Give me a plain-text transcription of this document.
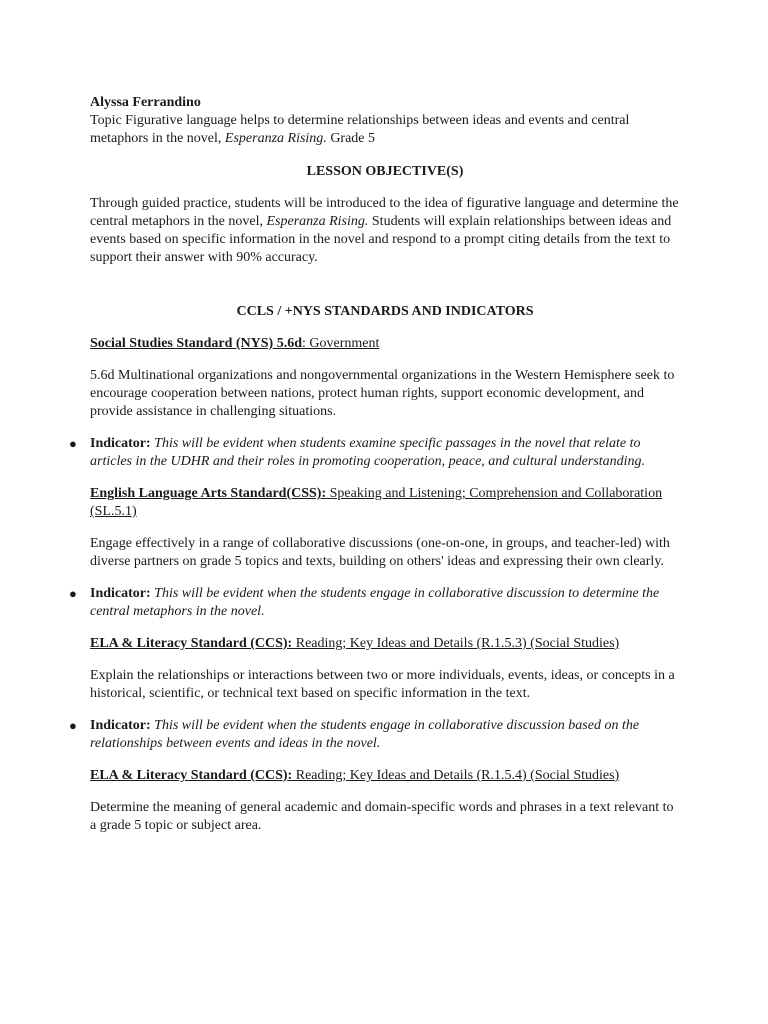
Alyssa Ferrandino

Topic Figurative language helps to determine relationships between ideas and events and central metaphors in the novel, Esperanza Rising. Grade 5

LESSON OBJECTIVE(S)

Through guided practice, students will be introduced to the idea of figurative language and determine the central metaphors in the novel, Esperanza Rising. Students will explain relationships between ideas and events based on specific information in the novel and respond to a prompt citing details from the text to support their answer with 90% accuracy.

CCLS / +NYS STANDARDS AND INDICATORS

Social Studies Standard (NYS) 5.6d: Government

5.6d Multinational organizations and nongovernmental organizations in the Western Hemisphere seek to encourage cooperation between nations, protect human rights, support economic development, and provide assistance in challenging situations.

● Indicator: This will be evident when students examine specific passages in the novel that relate to articles in the UDHR and their roles in promoting cooperation, peace, and cultural understanding.

English Language Arts Standard(CSS): Speaking and Listening; Comprehension and Collaboration (SL.5.1)

Engage effectively in a range of collaborative discussions (one-on-one, in groups, and teacher-led) with diverse partners on grade 5 topics and texts, building on others' ideas and expressing their own clearly.

● Indicator: This will be evident when the students engage in collaborative discussion to determine the central metaphors in the novel.

ELA & Literacy Standard (CCS): Reading; Key Ideas and Details (R.1.5.3) (Social Studies)

Explain the relationships or interactions between two or more individuals, events, ideas, or concepts in a historical, scientific, or technical text based on specific information in the text.

● Indicator: This will be evident when the students engage in collaborative discussion based on the relationships between events and ideas in the novel.

ELA & Literacy Standard (CCS): Reading; Key Ideas and Details (R.1.5.4) (Social Studies)

Determine the meaning of general academic and domain-specific words and phrases in a text relevant to a grade 5 topic or subject area.
